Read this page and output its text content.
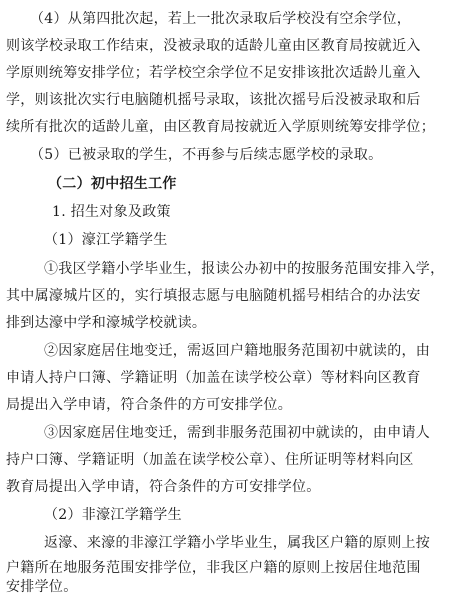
（4）从第四批次起，若上一批次录取后学校没有空余学位，
则该学校录取工作结束，没被录取的适龄儿童由区教育局按就近入
学原则统筹安排学位；若学校空余学位不足安排该批次适龄儿童入
学，则该批次实行电脑随机摇号录取，该批次摇号后没被录取和后
续所有批次的适龄儿童，由区教育局按就近入学原则统筹安排学位；
（5）已被录取的学生，不再参与后续志愿学校的录取。
（二）初中招生工作
1. 招生对象及政策
（1）濠江学籍学生
①我区学籍小学毕业生，报读公办初中的按服务范围安排入学，
其中属濠城片区的，实行填报志愿与电脑随机摇号相结合的办法安
排到达濠中学和濠城学校就读。
②因家庭居住地变迁，需返回户籍地服务范围初中就读的，由
申请人持户口簿、学籍证明（加盖在读学校公章）等材料向区教育
局提出入学申请，符合条件的方可安排学位。
③因家庭居住地变迁，需到非服务范围初中就读的，由申请人
持户口簿、学籍证明（加盖在读学校公章）、住所证明等材料向区
教育局提出入学申请，符合条件的方可安排学位。
（2）非濠江学籍学生
返濠、来濠的非濠江学籍小学毕业生，属我区户籍的原则上按
户籍所在地服务范围安排学位，非我区户籍的原则上按居住地范围
安排学位。
